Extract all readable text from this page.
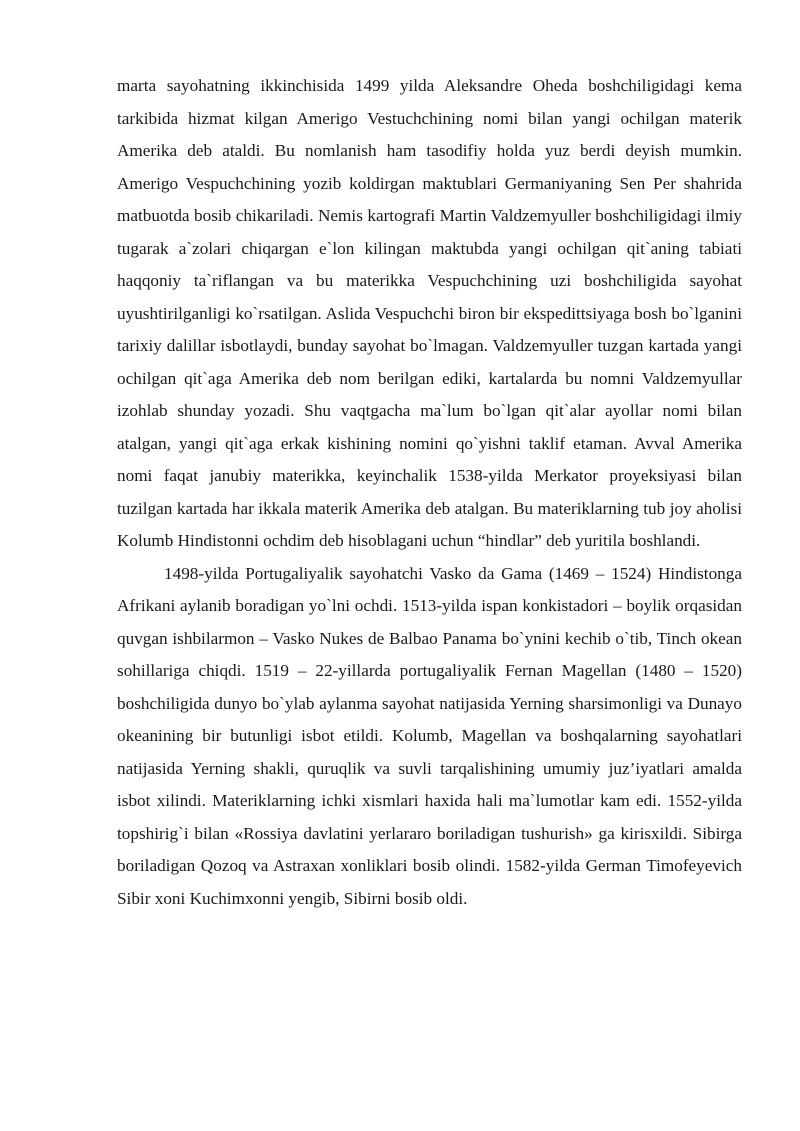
marta sayohatning ikkinchisida 1499 yilda Aleksandre Oheda boshchiligidagi kema tarkibida hizmat kilgan Amerigo Vestuchchining nomi bilan yangi ochilgan materik Amerika deb ataldi. Bu nomlanish ham tasodifiy holda yuz berdi deyish mumkin. Amerigo Vespuchchining yozib koldirgan maktublari Germaniyaning Sen Per shahrida matbuotda bosib chikariladi. Nemis kartografi Martin Valdzemyuller boshchiligidagi ilmiy tugarak a`zolari chiqargan e`lon kilingan maktubda yangi ochilgan qit`aning tabiati haqqoniy ta`riflangan va bu materikka Vespuchchining uzi boshchiligida sayohat uyushtirilganligi ko`rsatilgan. Aslida Vespuchchi biron bir ekspedittsiyaga bosh bo`lganini tarixiy dalillar isbotlaydi, bunday sayohat bo`lmagan. Valdzemyuller tuzgan kartada yangi ochilgan qit`aga Amerika deb nom berilgan ediki, kartalarda bu nomni Valdzemyullar izohlab shunday yozadi. Shu vaqtgacha ma`lum bo`lgan qit`alar ayollar nomi bilan atalgan, yangi qit`aga erkak kishining nomini qo`yishni taklif etaman. Avval Amerika nomi faqat janubiy materikka, keyinchalik 1538-yilda Merkator proyeksiyasi bilan tuzilgan kartada har ikkala materik Amerika deb atalgan. Bu materiklarning tub joy aholisi Kolumb Hindistonni ochdim deb hisoblagani uchun “hindlar” deb yuritila boshlandi.

1498-yilda Portugaliyalik sayohatchi Vasko da Gama (1469 – 1524) Hindistonga Afrikani aylanib boradigan yo`lni ochdi. 1513-yilda ispan konkistadori – boylik orqasidan quvgan ishbilarmon – Vasko Nukes de Balbao Panama bo`ynini kechib o`tib, Tinch okean sohillariga chiqdi. 1519 – 22-yillarda portugaliyalik Fernan Magellan (1480 – 1520) boshchiligida dunyo bo`ylab aylanma sayohat natijasida Yerning sharsimonligi va Dunayo okeanining bir butunligi isbot etildi. Kolumb, Magellan va boshqalarning sayohatlari natijasida Yerning shakli, quruqlik va suvli tarqalishining umumiy juz’iyatlari amalda isbot xilindi. Materiklarning ichki xismlari haxida hali ma`lumotlar kam edi. 1552-yilda topshirig`i bilan «Rossiya davlatini yerlararo boriladigan tushurish» ga kirisxildi. Sibirga boriladigan Qozoq va Astraxan xonliklari bosib olindi. 1582-yilda German Timofeyevich Sibir xoni Kuchimxonni yengib, Sibirni bosib oldi.
